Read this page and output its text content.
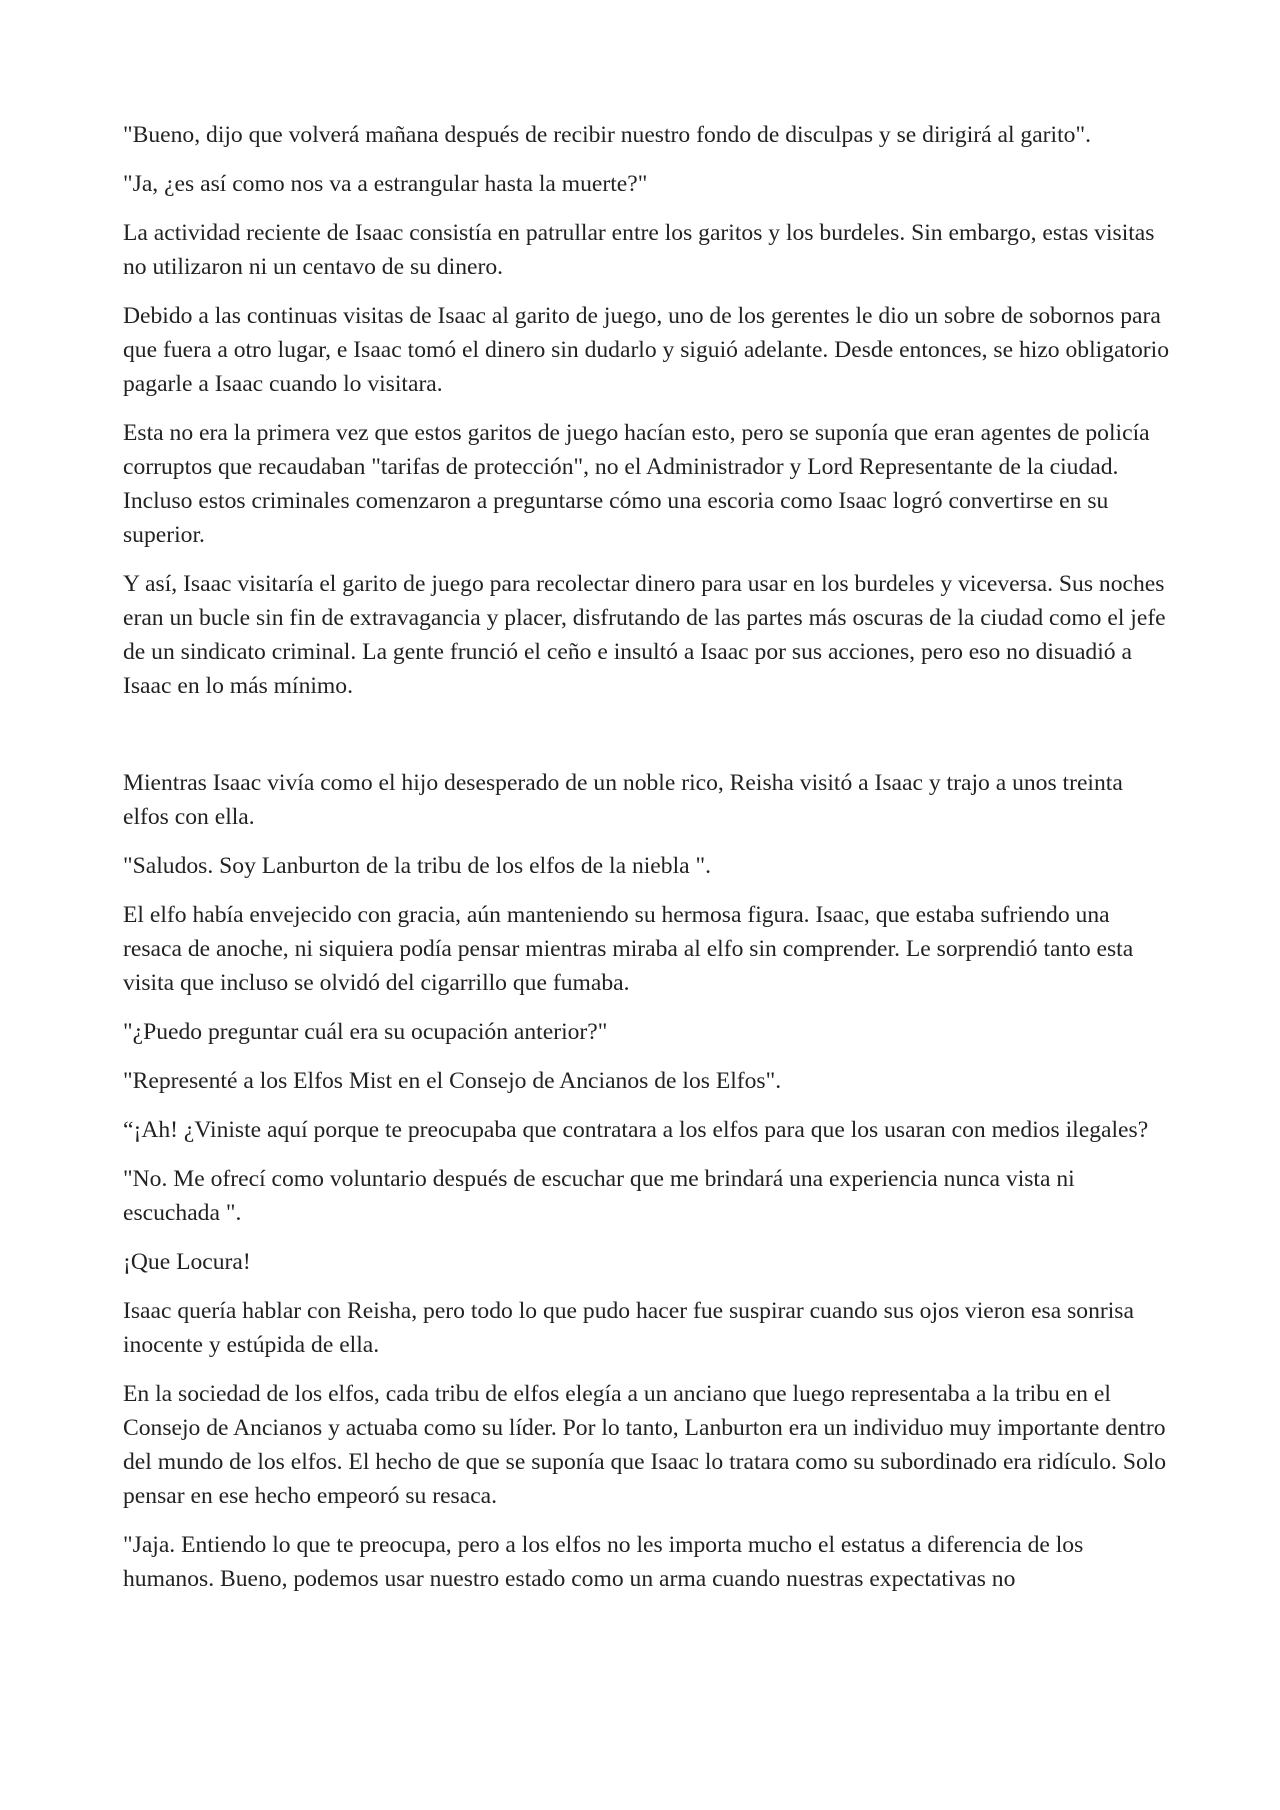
"Bueno, dijo que volverá mañana después de recibir nuestro fondo de disculpas y se dirigirá al garito".

"Ja, ¿es así como nos va a estrangular hasta la muerte?"

La actividad reciente de Isaac consistía en patrullar entre los garitos y los burdeles. Sin embargo, estas visitas no utilizaron ni un centavo de su dinero.

Debido a las continuas visitas de Isaac al garito de juego, uno de los gerentes le dio un sobre de sobornos para que fuera a otro lugar, e Isaac tomó el dinero sin dudarlo y siguió adelante. Desde entonces, se hizo obligatorio pagarle a Isaac cuando lo visitara.

Esta no era la primera vez que estos garitos de juego hacían esto, pero se suponía que eran agentes de policía corruptos que recaudaban "tarifas de protección", no el Administrador y Lord Representante de la ciudad. Incluso estos criminales comenzaron a preguntarse cómo una escoria como Isaac logró convertirse en su superior.

Y así, Isaac visitaría el garito de juego para recolectar dinero para usar en los burdeles y viceversa. Sus noches eran un bucle sin fin de extravagancia y placer, disfrutando de las partes más oscuras de la ciudad como el jefe de un sindicato criminal. La gente frunció el ceño e insultó a Isaac por sus acciones, pero eso no disuadió a Isaac en lo más mínimo.

Mientras Isaac vivía como el hijo desesperado de un noble rico, Reisha visitó a Isaac y trajo a unos treinta elfos con ella.

"Saludos. Soy Lanburton de la tribu de los elfos de la niebla ".

El elfo había envejecido con gracia, aún manteniendo su hermosa figura. Isaac, que estaba sufriendo una resaca de anoche, ni siquiera podía pensar mientras miraba al elfo sin comprender. Le sorprendió tanto esta visita que incluso se olvidó del cigarrillo que fumaba.

"¿Puedo preguntar cuál era su ocupación anterior?"

"Representé a los Elfos Mist en el Consejo de Ancianos de los Elfos".

“¡Ah! ¿Viniste aquí porque te preocupaba que contratara a los elfos para que los usaran con medios ilegales?

"No. Me ofrecí como voluntario después de escuchar que me brindará una experiencia nunca vista ni escuchada ".

¡Que Locura!

Isaac quería hablar con Reisha, pero todo lo que pudo hacer fue suspirar cuando sus ojos vieron esa sonrisa inocente y estúpida de ella.

En la sociedad de los elfos, cada tribu de elfos elegía a un anciano que luego representaba a la tribu en el Consejo de Ancianos y actuaba como su líder. Por lo tanto, Lanburton era un individuo muy importante dentro del mundo de los elfos. El hecho de que se suponía que Isaac lo tratara como su subordinado era ridículo. Solo pensar en ese hecho empeoró su resaca.

"Jaja. Entiendo lo que te preocupa, pero a los elfos no les importa mucho el estatus a diferencia de los humanos. Bueno, podemos usar nuestro estado como un arma cuando nuestras expectativas no
